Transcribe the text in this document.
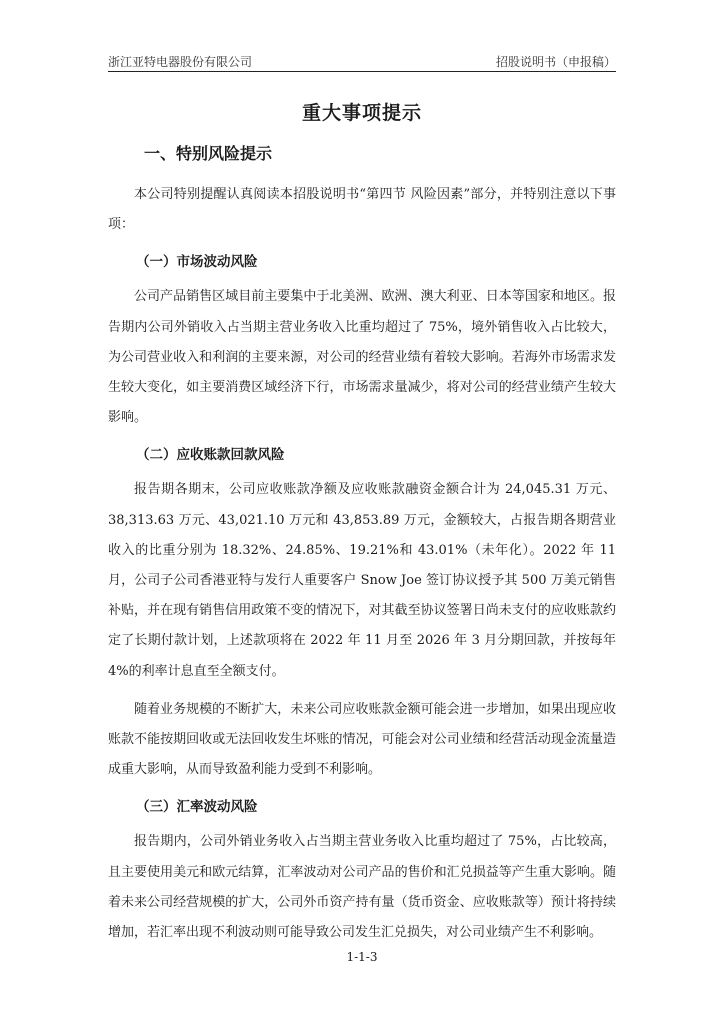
浙江亚特电器股份有限公司	招股说明书（申报稿）
重大事项提示
一、特别风险提示

本公司特别提醒认真阅读本招股说明书“第四节 风险因素”部分，并特别注意以下事项：

（一）市场波动风险

公司产品销售区域目前主要集中于北美洲、欧洲、澳大利亚、日本等国家和地区。报告期内公司外销收入占当期主营业务收入比重均超过了 75%，境外销售收入占比较大，为公司营业收入和利润的主要来源，对公司的经营业绩有着较大影响。若海外市场需求发生较大变化，如主要消费区域经济下行，市场需求量减少，将对公司的经营业绩产生较大影响。

（二）应收账款回款风险

报告期各期末，公司应收账款净额及应收账款融资金额合计为 24,045.31 万元、38,313.63 万元、43,021.10 万元和 43,853.89 万元，金额较大，占报告期各期营业收入的比重分别为 18.32%、24.85%、19.21%和 43.01%（未年化）。2022 年 11 月，公司子公司香港亚特与发行人重要客户 Snow Joe 签订协议授予其 500 万美元销售补贴，并在现有销售信用政策不变的情况下，对其截至协议签署日尚未支付的应收账款约定了长期付款计划，上述款项将在 2022 年 11 月至 2026 年 3 月分期回款，并按每年 4%的利率计息直至全额支付。

随着业务规模的不断扩大，未来公司应收账款金额可能会进一步增加，如果出现应收账款不能按期回收或无法回收发生坏账的情况，可能会对公司业绩和经营活动现金流量造成重大影响，从而导致盈利能力受到不利影响。

（三）汇率波动风险

报告期内，公司外销业务收入占当期主营业务收入比重均超过了 75%，占比较高，且主要使用美元和欧元结算，汇率波动对公司产品的售价和汇兑损益等产生重大影响。随着未来公司经营规模的扩大，公司外币资产持有量（货币资金、应收账款等）预计将持续增加，若汇率出现不利波动则可能导致公司发生汇兑损失，对公司业绩产生不利影响。

1-1-3
